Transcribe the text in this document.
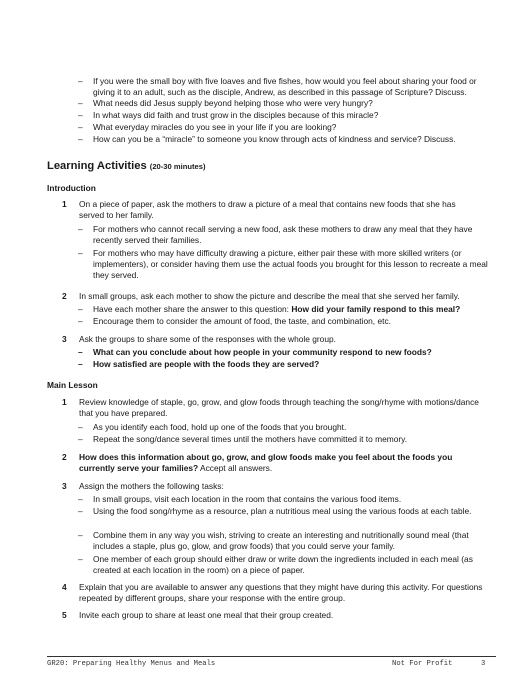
– If you were the small boy with five loaves and five fishes, how would you feel about sharing your food or giving it to an adult, such as the disciple, Andrew, as described in this passage of Scripture? Discuss.
– What needs did Jesus supply beyond helping those who were very hungry?
– In what ways did faith and trust grow in the disciples because of this miracle?
– What everyday miracles do you see in your life if you are looking?
– How can you be a “miracle” to someone you know through acts of kindness and service? Discuss.
Learning Activities (20-30 minutes)
Introduction
1 On a piece of paper, ask the mothers to draw a picture of a meal that contains new foods that she has served to her family.
– For mothers who cannot recall serving a new food, ask these mothers to draw any meal that they have recently served their families.
– For mothers who may have difficulty drawing a picture, either pair these with more skilled writers (or implementers), or consider having them use the actual foods you brought for this lesson to recreate a meal they served.
2 In small groups, ask each mother to show the picture and describe the meal that she served her family.
– Have each mother share the answer to this question: How did your family respond to this meal?
– Encourage them to consider the amount of food, the taste, and combination, etc.
3 Ask the groups to share some of the responses with the whole group.
– What can you conclude about how people in your community respond to new foods?
– How satisfied are people with the foods they are served?
Main Lesson
1 Review knowledge of staple, go, grow, and glow foods through teaching the song/rhyme with motions/dance that you have prepared.
– As you identify each food, hold up one of the foods that you brought.
– Repeat the song/dance several times until the mothers have committed it to memory.
2 How does this information about go, grow, and glow foods make you feel about the foods you currently serve your families? Accept all answers.
3 Assign the mothers the following tasks:
– In small groups, visit each location in the room that contains the various food items.
– Using the food song/rhyme as a resource, plan a nutritious meal using the various foods at each table.
– Combine them in any way you wish, striving to create an interesting and nutritionally sound meal (that includes a staple, plus go, glow, and grow foods) that you could serve your family.
– One member of each group should either draw or write down the ingredients included in each meal (as created at each location in the room) on a piece of paper.
4 Explain that you are available to answer any questions that they might have during this activity. For questions repeated by different groups, share your response with the entire group.
5 Invite each group to share at least one meal that their group created.
GR20: Preparing Healthy Menus and Meals	Not For Profit	3
